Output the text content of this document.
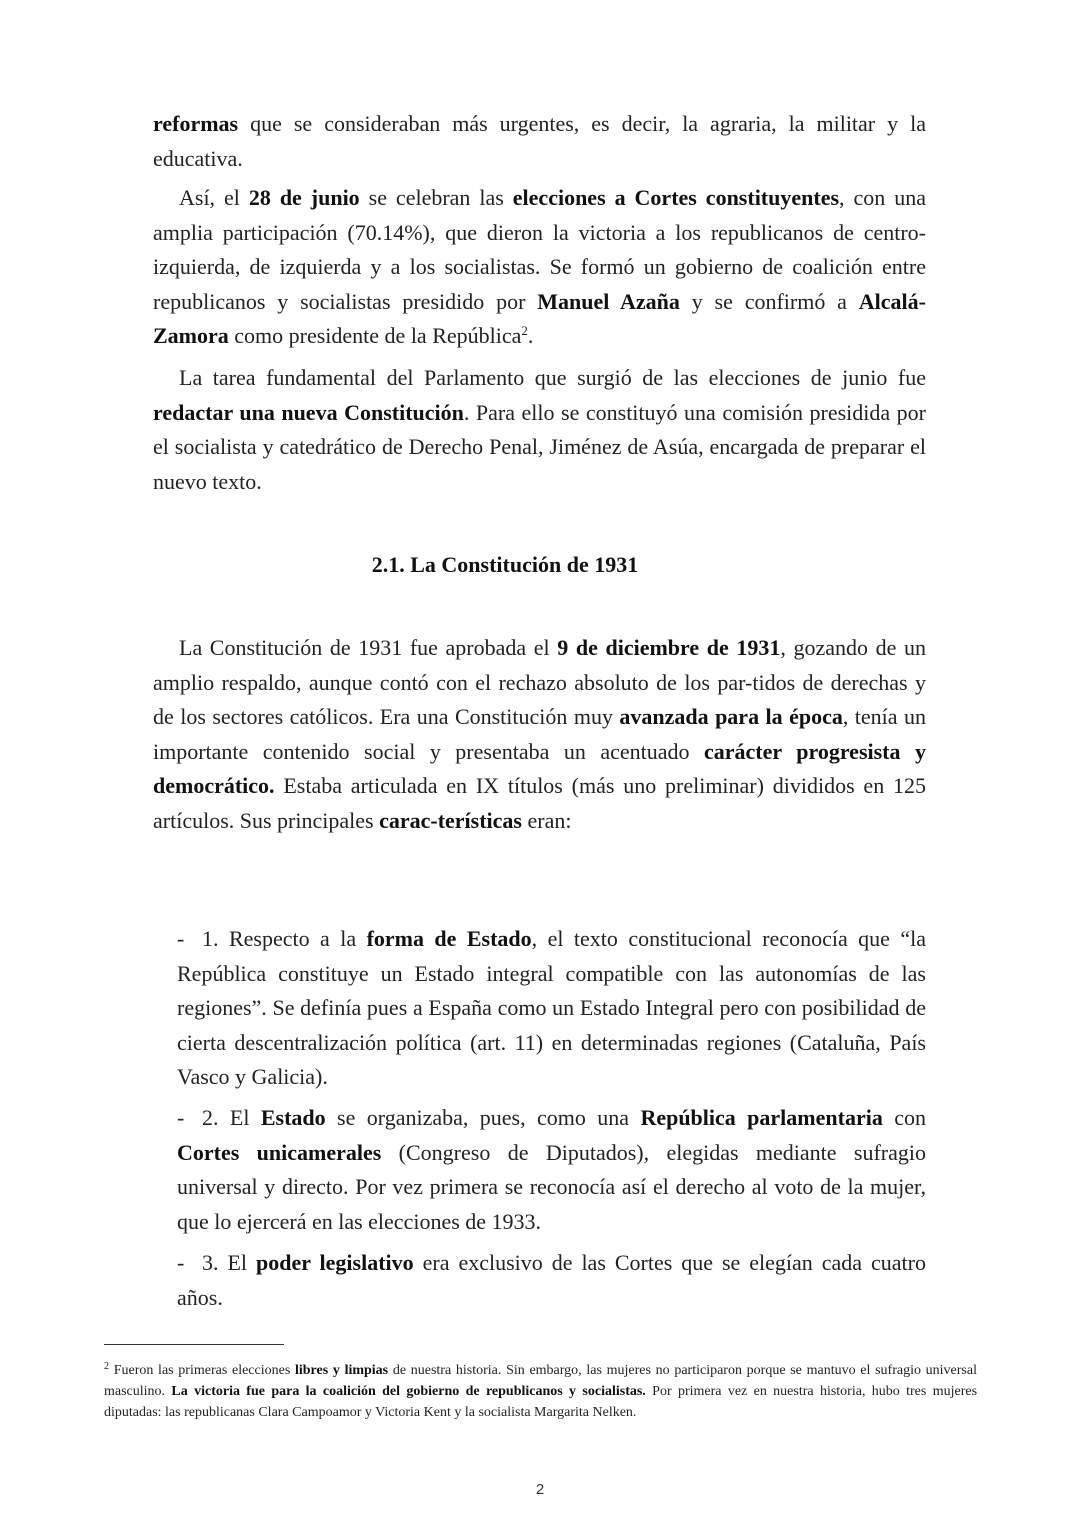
reformas que se consideraban más urgentes, es decir, la agraria, la militar y la educativa.

Así, el 28 de junio se celebran las elecciones a Cortes constituyentes, con una amplia participación (70.14%), que dieron la victoria a los republicanos de centro-izquierda, de izquierda y a los socialistas. Se formó un gobierno de coalición entre republicanos y socialistas presidido por Manuel Azaña y se confirmó a Alcalá-Zamora como presidente de la República$^2$.

La tarea fundamental del Parlamento que surgió de las elecciones de junio fue redactar una nueva Constitución. Para ello se constituyó una comisión presidida por el socialista y catedrático de Derecho Penal, Jiménez de Asúa, encargada de preparar el nuevo texto.

2.1. La Constitución de 1931

La Constitución de 1931 fue aprobada el 9 de diciembre de 1931, gozando de un amplio respaldo, aunque contó con el rechazo absoluto de los par-tidos de derechas y de los sectores católicos. Era una Constitución muy avanzada para la época, tenía un importante contenido social y presentaba un acentuado carácter progresista y democrático. Estaba articulada en IX títulos (más uno preliminar) divididos en 125 artículos. Sus principales carac-terísticas eran:

- 1. Respecto a la forma de Estado, el texto constitucional reconocía que “la República constituye un Estado integral compatible con las autonomías de las regiones”. Se definía pues a España como un Estado Integral pero con posibilidad de cierta descentralización política (art. 11) en determinadas regiones (Cataluña, País Vasco y Galicia).

- 2. El Estado se organizaba, pues, como una República parlamentaria con Cortes unicamerales (Congreso de Diputados), elegidas mediante sufragio universal y directo. Por vez primera se reconocía así el derecho al voto de la mujer, que lo ejercerá en las elecciones de 1933.

- 3. El poder legislativo era exclusivo de las Cortes que se elegían cada cuatro años.

$^2$ Fueron las primeras elecciones libres y limpias de nuestra historia. Sin embargo, las mujeres no participaron porque se mantuvo el sufragio universal masculino. La victoria fue para la coalición del gobierno de republicanos y socialistas. Por primera vez en nuestra historia, hubo tres mujeres diputadas: las republicanas Clara Campoamor y Victoria Kent y la socialista Margarita Nelken.

2
